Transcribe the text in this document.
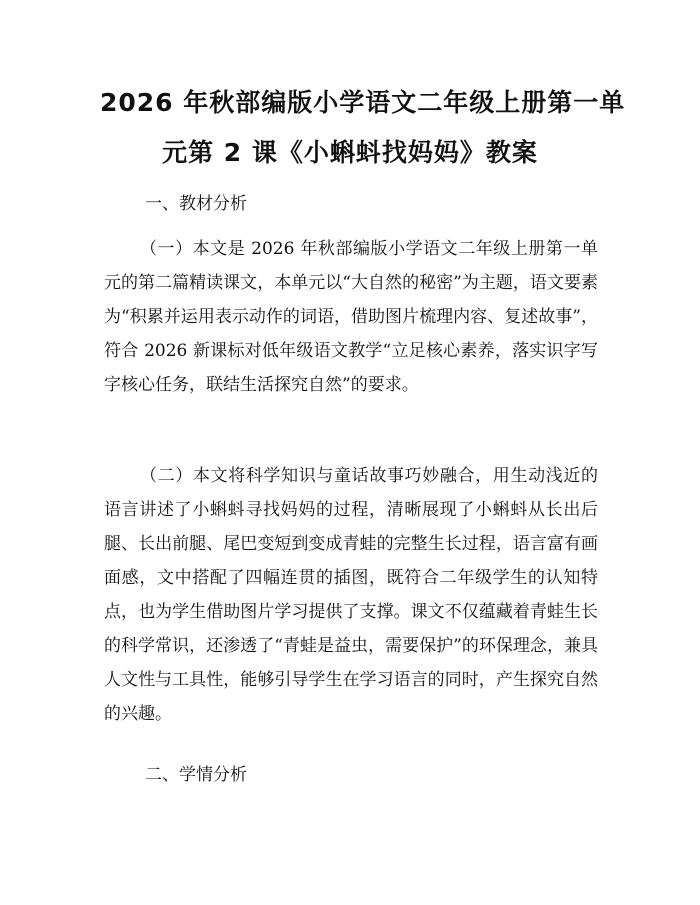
2026 年秋部编版小学语文二年级上册第一单
元第 2 课《小蝌蚪找妈妈》教案
一、教材分析
（一）本文是 2026 年秋部编版小学语文二年级上册第一单元的第二篇精读课文，本单元以“大自然的秘密”为主题，语文要素为“积累并运用表示动作的词语，借助图片梳理内容、复述故事”，符合 2026 新课标对低年级语文教学“立足核心素养，落实识字写字核心任务，联结生活探究自然”的要求。
（二）本文将科学知识与童话故事巧妙融合，用生动浅近的语言讲述了小蝌蚪寻找妈妈的过程，清晰展现了小蝌蚪从长出后腿、长出前腿、尾巴变短到变成青蛙的完整生长过程，语言富有画面感，文中搭配了四幅连贯的插图，既符合二年级学生的认知特点，也为学生借助图片学习提供了支撑。课文不仅蕴藏着青蛙生长的科学常识，还渗透了“青蛙是益虫，需要保护”的环保理念，兼具人文性与工具性，能够引导学生在学习语言的同时，产生探究自然的兴趣。
二、学情分析
